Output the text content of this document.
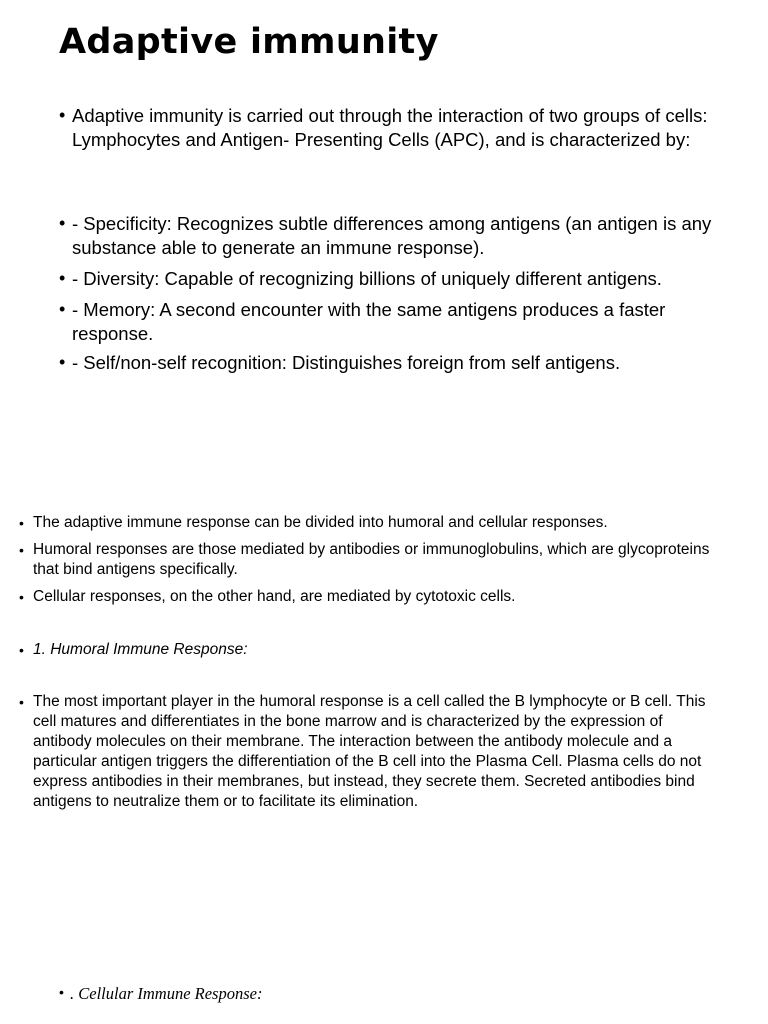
Adaptive immunity
• Adaptive immunity is carried out through the interaction of two groups of cells: Lymphocytes and Antigen- Presenting Cells (APC), and is characterized by:
• - Specificity: Recognizes subtle differences among antigens (an antigen is any substance able to generate an immune response).
• - Diversity: Capable of recognizing billions of uniquely different antigens.
• - Memory: A second encounter with the same antigens produces a faster response.
• - Self/non-self recognition: Distinguishes foreign from self antigens.
• The adaptive immune response can be divided into humoral and cellular responses.
• Humoral responses are those mediated by antibodies or immunoglobulins, which are glycoproteins that bind antigens specifically.
• Cellular responses, on the other hand, are mediated by cytotoxic cells.
• 1. Humoral Immune Response:
• The most important player in the humoral response is a cell called the B lymphocyte or B cell. This cell matures and differentiates in the bone marrow and is characterized by the expression of antibody molecules on their membrane. The interaction between the antibody molecule and a particular antigen triggers the differentiation of the B cell into the Plasma Cell. Plasma cells do not express antibodies in their membranes, but instead, they secrete them. Secreted antibodies bind antigens to neutralize them or to facilitate its elimination.
• . Cellular Immune Response:
